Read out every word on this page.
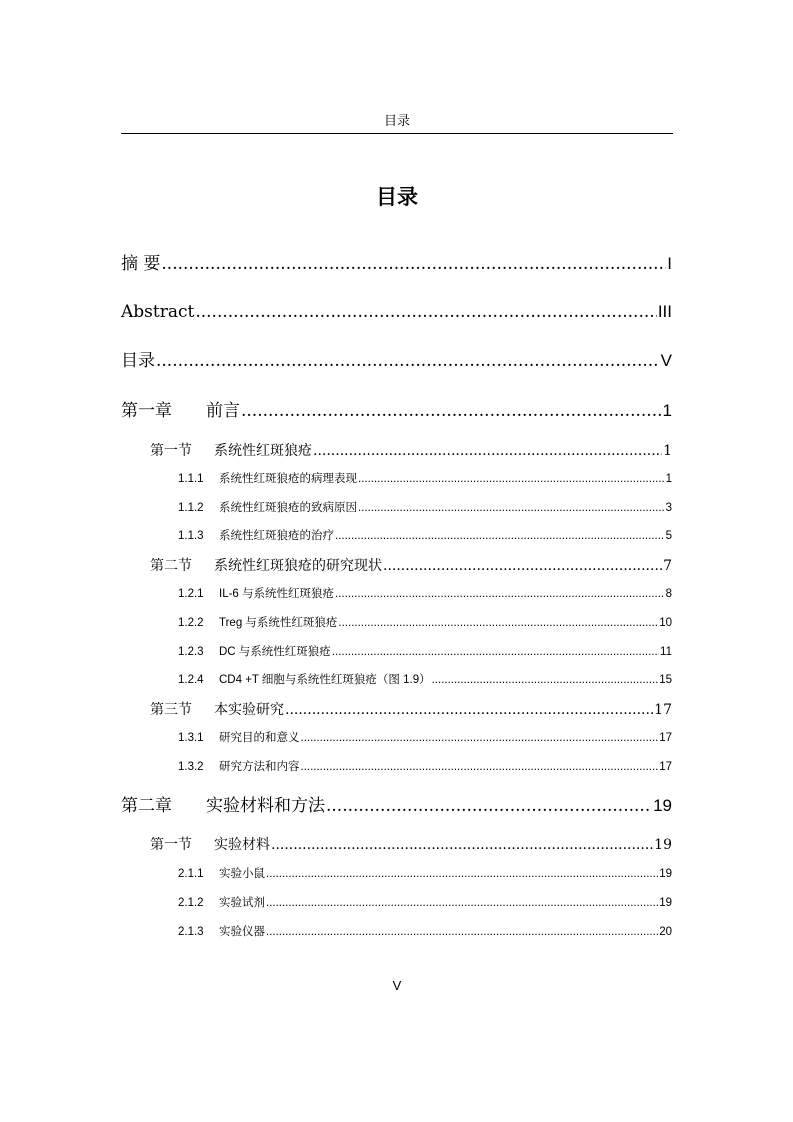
目录
目录
摘 要 .....	I
Abstract .....	III
目录 .....	V
第一章 前言 .....	1
第一节 系统性红斑狼疮 .....	1
1.1.1 系统性红斑狼疮的病理表现 .....	1
1.1.2 系统性红斑狼疮的致病原因 .....	3
1.1.3 系统性红斑狼疮的治疗 .....	5
第二节 系统性红斑狼疮的研究现状 .....	7
1.2.1 IL-6 与系统性红斑狼疮 .....	8
1.2.2 Treg 与系统性红斑狼疮 .....	10
1.2.3 DC 与系统性红斑狼疮 .....	11
1.2.4 CD4 +T 细胞与系统性红斑狼疮（图 1.9） .....	15
第三节 本实验研究 .....	17
1.3.1 研究目的和意义 .....	17
1.3.2 研究方法和内容 .....	17
第二章 实验材料和方法 .....	19
第一节 实验材料 .....	19
2.1.1 实验小鼠 .....	19
2.1.2 实验试剂 .....	19
2.1.3 实验仪器 .....	20
V
